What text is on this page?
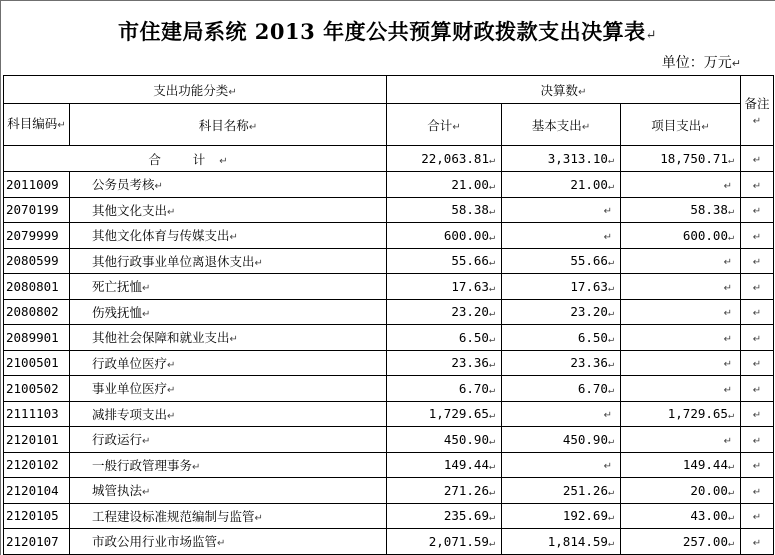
市住建局系统 2013 年度公共预算财政拨款支出决算表↵
单位：万元↵
支出功能分类↵		决算数↵			备注↵
科目编码↵	科目名称↵	合计↵	基本支出↵	项目支出↵	
合 计↵		22,063.81↵	3,313.10↵	18,750.71↵	↵
2011009	公务员考核↵	21.00↵	21.00↵	↵	↵
2070199	其他文化支出↵	58.38↵	↵	58.38↵	↵
2079999	其他文化体育与传媒支出↵	600.00↵	↵	600.00↵	↵
2080599	其他行政事业单位离退休支出↵	55.66↵	55.66↵	↵	↵
2080801	死亡抚恤↵	17.63↵	17.63↵	↵	↵
2080802	伤残抚恤↵	23.20↵	23.20↵	↵	↵
2089901	其他社会保障和就业支出↵	6.50↵	6.50↵	↵	↵
2100501	行政单位医疗↵	23.36↵	23.36↵	↵	↵
2100502	事业单位医疗↵	6.70↵	6.70↵	↵	↵
2111103	减排专项支出↵	1,729.65↵	↵	1,729.65↵	↵
2120101	行政运行↵	450.90↵	450.90↵	↵	↵
2120102	一般行政管理事务↵	149.44↵	↵	149.44↵	↵
2120104	城管执法↵	271.26↵	251.26↵	20.00↵	↵
2120105	工程建设标准规范编制与监管↵	235.69↵	192.69↵	43.00↵	↵
2120107	市政公用行业市场监管↵	2,071.59↵	1,814.59↵	257.00↵	↵
